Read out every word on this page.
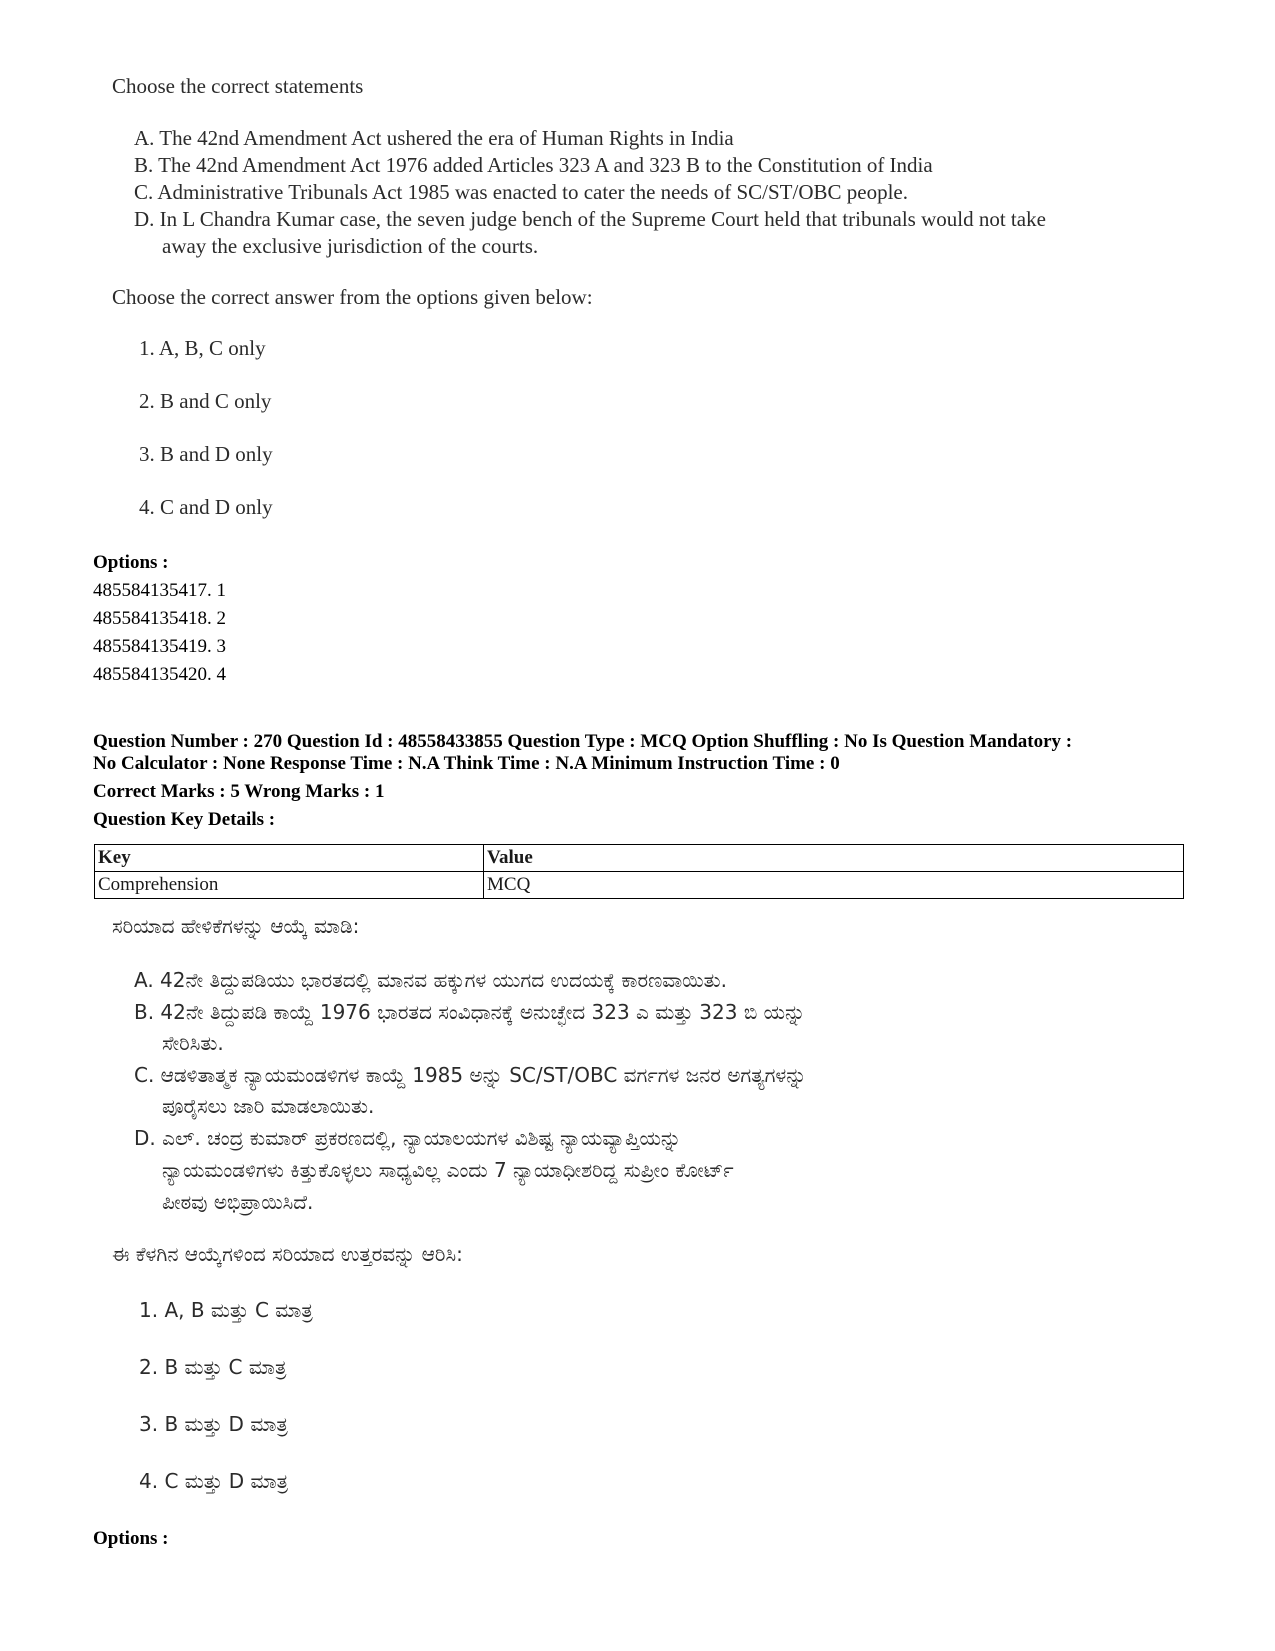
Choose the correct statements
A. The 42nd Amendment Act ushered the era of Human Rights in India
B. The 42nd Amendment Act 1976 added Articles 323 A and 323 B to the Constitution of India
C. Administrative Tribunals Act 1985 was enacted to cater the needs of SC/ST/OBC people.
D. In L Chandra Kumar case, the seven judge bench of the Supreme Court held that tribunals would not take
away the exclusive jurisdiction of the courts.
Choose the correct answer from the options given below:
1. A, B, C only
2. B and C only
3. B and D only
4. C and D only
Options :
485584135417. 1
485584135418. 2
485584135419. 3
485584135420. 4
Question Number : 270 Question Id : 48558433855 Question Type : MCQ Option Shuffling : No Is Question Mandatory :
No Calculator : None Response Time : N.A Think Time : N.A Minimum Instruction Time : 0
Correct Marks : 5 Wrong Marks : 1
Question Key Details :
Key	Value
Comprehension	MCQ
ಸರಿಯಾದ ಹೇಳಿಕೆಗಳನ್ನು ಆಯ್ಕೆ ಮಾಡಿ:
A. 42ನೇ ತಿದ್ದುಪಡಿಯು ಭಾರತದಲ್ಲಿ ಮಾನವ ಹಕ್ಕುಗಳ ಯುಗದ ಉದಯಕ್ಕೆ ಕಾರಣವಾಯಿತು.
B. 42ನೇ ತಿದ್ದುಪಡಿ ಕಾಯ್ದೆ 1976 ಭಾರತದ ಸಂವಿಧಾನಕ್ಕೆ ಅನುಚ್ಛೇದ 323 ಎ ಮತ್ತು 323 ಬಿ ಯನ್ನು
ಸೇರಿಸಿತು.
C. ಆಡಳಿತಾತ್ಮಕ ನ್ಯಾಯಮಂಡಳಿಗಳ ಕಾಯ್ದೆ 1985 ಅನ್ನು SC/ST/OBC ವರ್ಗಗಳ ಜನರ ಅಗತ್ಯಗಳನ್ನು
ಪೂರೈಸಲು ಜಾರಿ ಮಾಡಲಾಯಿತು.
D. ಎಲ್. ಚಂದ್ರ ಕುಮಾರ್ ಪ್ರಕರಣದಲ್ಲಿ, ನ್ಯಾಯಾಲಯಗಳ ವಿಶಿಷ್ಟ ನ್ಯಾಯವ್ಯಾಪ್ತಿಯನ್ನು
ನ್ಯಾಯಮಂಡಳಿಗಳು ಕಿತ್ತುಕೊಳ್ಳಲು ಸಾಧ್ಯವಿಲ್ಲ ಎಂದು 7 ನ್ಯಾಯಾಧೀಶರಿದ್ದ ಸುಪ್ರೀಂ ಕೋರ್ಟ್
ಪೀಠವು ಅಭಿಪ್ರಾಯಿಸಿದೆ.
ಈ ಕೆಳಗಿನ ಆಯ್ಕೆಗಳಿಂದ ಸರಿಯಾದ ಉತ್ತರವನ್ನು ಆರಿಸಿ:
1. A, B ಮತ್ತು C ಮಾತ್ರ
2. B ಮತ್ತು C ಮಾತ್ರ
3. B ಮತ್ತು D ಮಾತ್ರ
4. C ಮತ್ತು D ಮಾತ್ರ
Options :
